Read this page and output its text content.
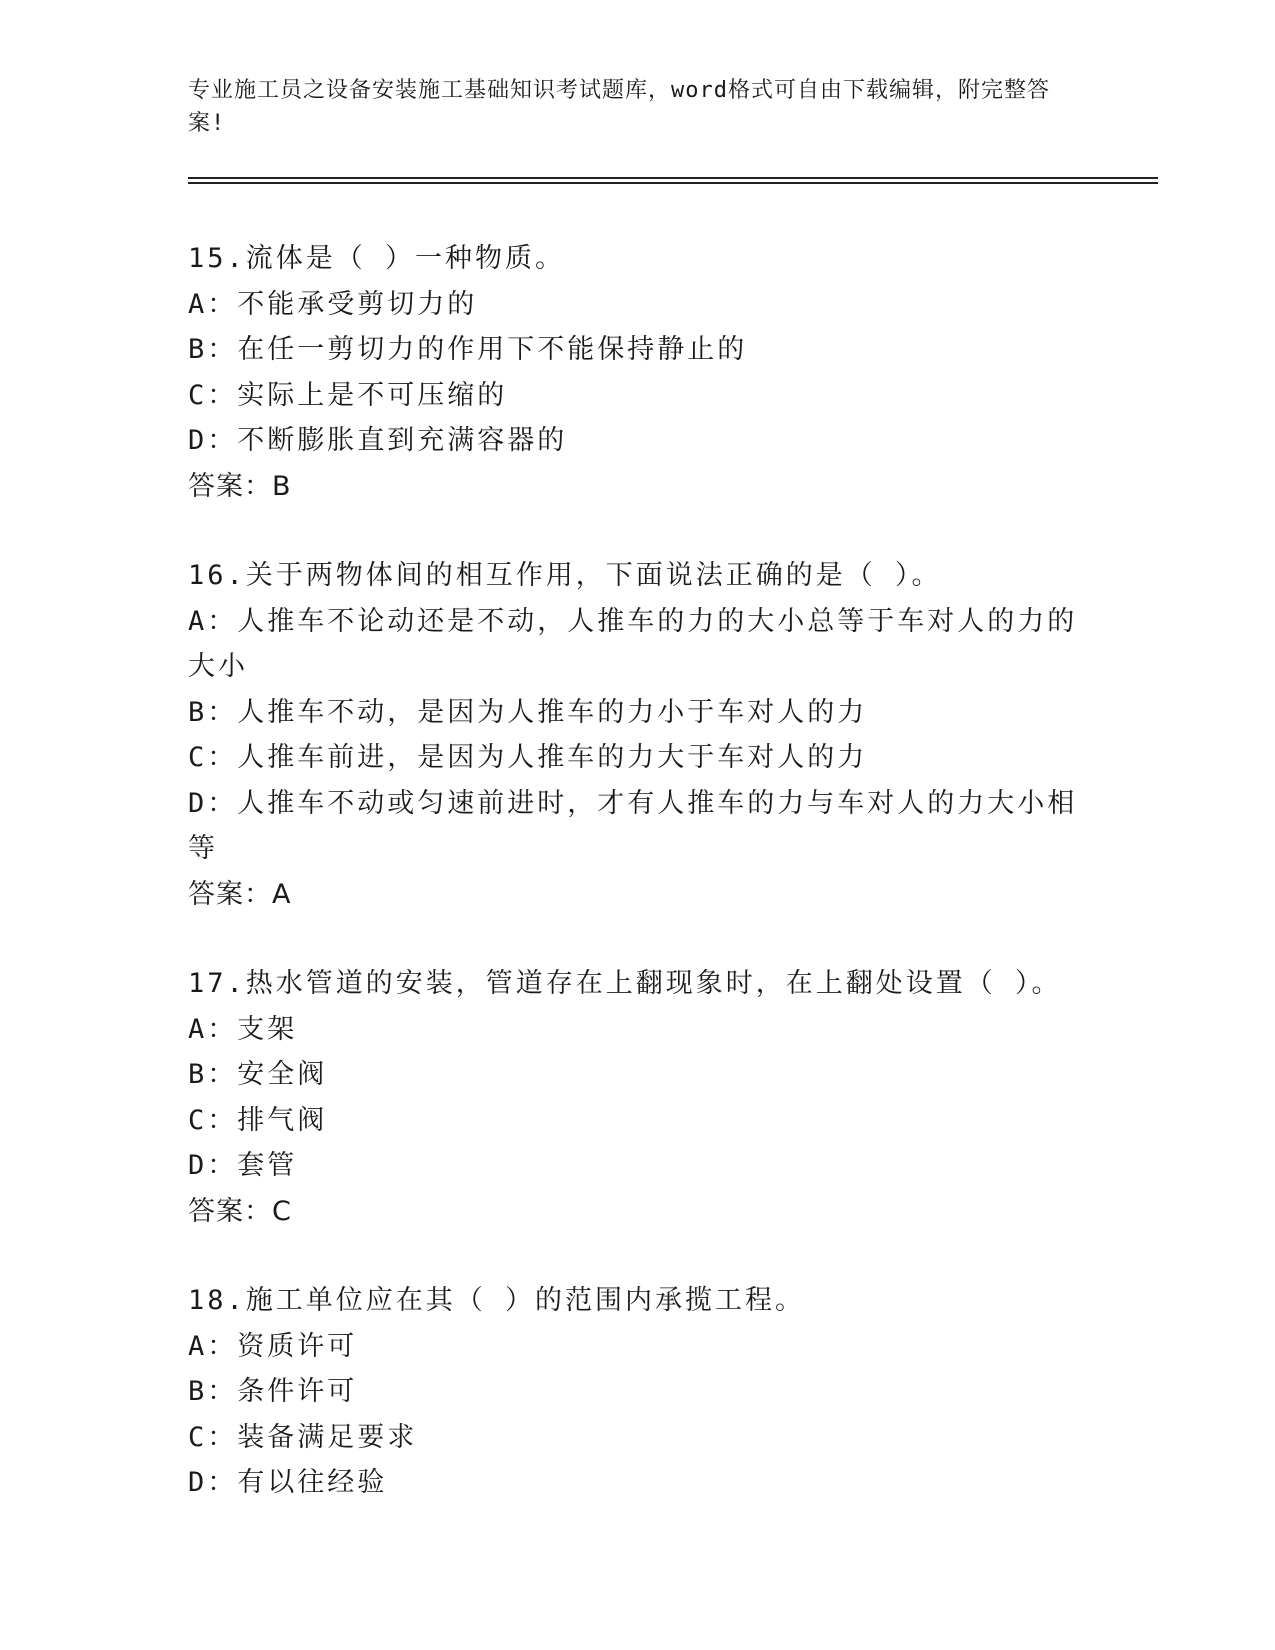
专业施工员之设备安装施工基础知识考试题库，word格式可自由下载编辑，附完整答案!

15.流体是（ ）一种物质。

A：不能承受剪切力的

B：在任一剪切力的作用下不能保持静止的

C：实际上是不可压缩的

D：不断膨胀直到充满容器的

答案：B

16.关于两物体间的相互作用，下面说法正确的是（ ）。

A：人推车不论动还是不动，人推车的力的大小总等于车对人的力的大小

B：人推车不动，是因为人推车的力小于车对人的力

C：人推车前进，是因为人推车的力大于车对人的力

D：人推车不动或匀速前进时，才有人推车的力与车对人的力大小相等

答案：A

17.热水管道的安装，管道存在上翻现象时，在上翻处设置（ ）。

A：支架

B：安全阀

C：排气阀

D：套管

答案：C

18.施工单位应在其（ ）的范围内承揽工程。

A：资质许可

B：条件许可

C：装备满足要求

D：有以往经验
